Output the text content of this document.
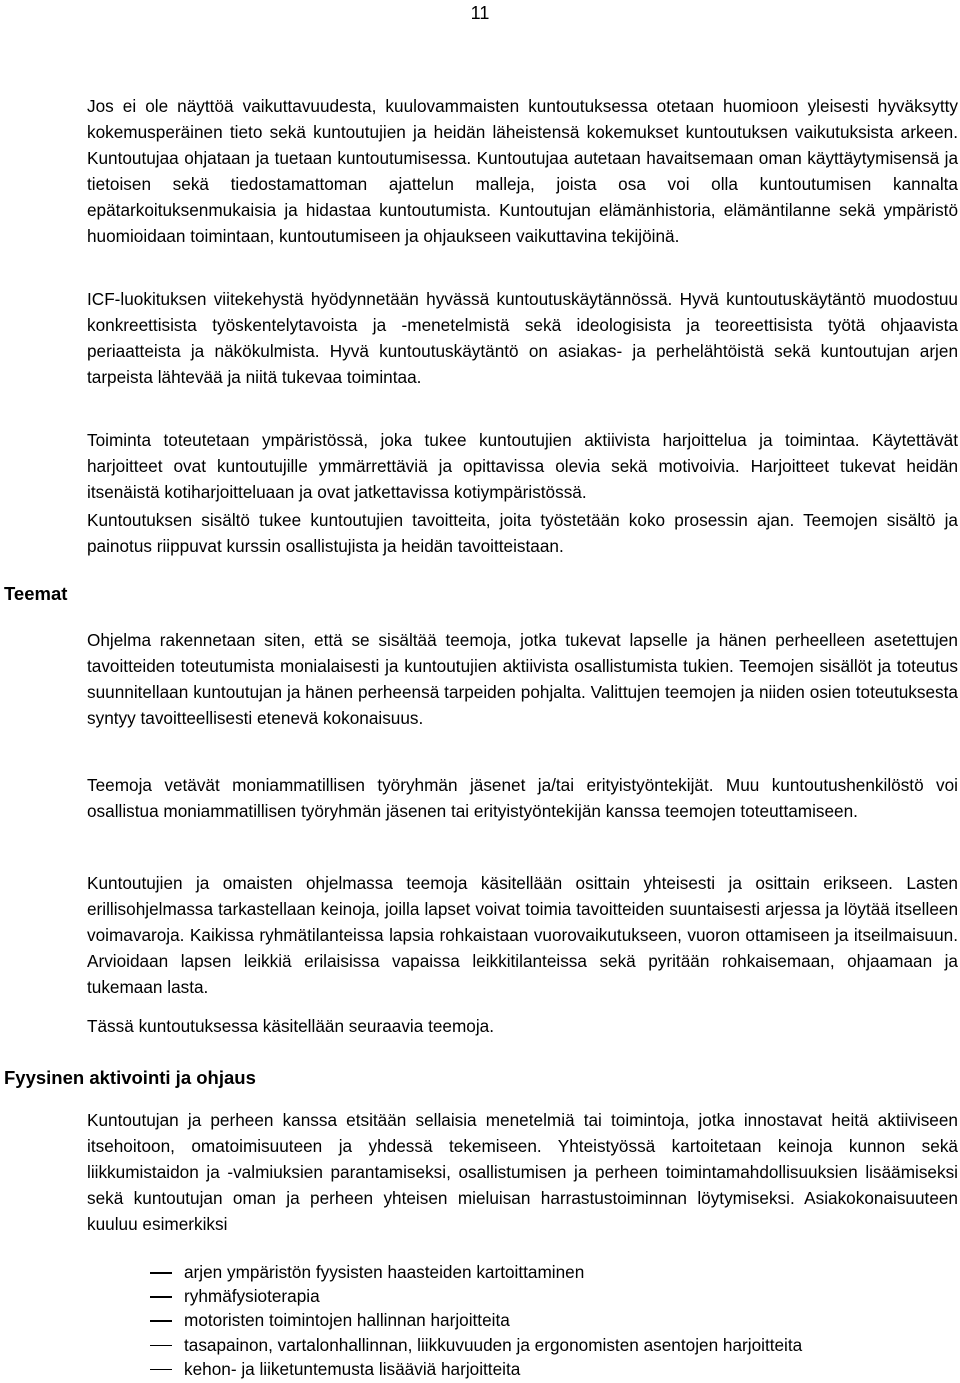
11

Jos ei ole näyttöä vaikuttavuudesta, kuulovammaisten kuntoutuksessa otetaan huomioon yleisesti hyväksytty kokemusperäinen tieto sekä kuntoutujien ja heidän läheistensä kokemukset kuntoutuksen vaikutuksista arkeen. Kuntoutujaa ohjataan ja tuetaan kuntoutumisessa. Kuntoutujaa autetaan havaitsemaan oman käyttäytymisensä ja tietoisen sekä tiedostamattoman ajattelun malleja, joista osa voi olla kuntoutumisen kannalta epätarkoituksenmukaisia ja hidastaa kuntoutumista. Kuntoutujan elämänhistoria, elämäntilanne sekä ympäristö huomioidaan toimintaan, kuntoutumiseen ja ohjaukseen vaikuttavina tekijöinä.

ICF-luokituksen viitekehystä hyödynnetään hyvässä kuntoutuskäytännössä. Hyvä kuntoutuskäytäntö muodostuu konkreettisista työskentelytavoista ja -menetelmistä sekä ideologisista ja teoreettisista työtä ohjaavista periaatteista ja näkökulmista. Hyvä kuntoutuskäytäntö on asiakas- ja perhelähtöistä sekä kuntoutujan arjen tarpeista lähtevää ja niitä tukevaa toimintaa.

Toiminta toteutetaan ympäristössä, joka tukee kuntoutujien aktiivista harjoittelua ja toimintaa. Käytettävät harjoitteet ovat kuntoutujille ymmärrettäviä ja opittavissa olevia sekä motivoivia. Harjoitteet tukevat heidän itsenäistä kotiharjoitteluaan ja ovat jatkettavissa kotiympäristössä.

Kuntoutuksen sisältö tukee kuntoutujien tavoitteita, joita työstetään koko prosessin ajan. Teemojen sisältö ja painotus riippuvat kurssin osallistujista ja heidän tavoitteistaan.

Teemat

Ohjelma rakennetaan siten, että se sisältää teemoja, jotka tukevat lapselle ja hänen perheelleen asetettujen tavoitteiden toteutumista monialaisesti ja kuntoutujien aktiivista osallistumista tukien. Teemojen sisällöt ja toteutus suunnitellaan kuntoutujan ja hänen perheensä tarpeiden pohjalta. Valittujen teemojen ja niiden osien toteutuksesta syntyy tavoitteellisesti etenevä kokonaisuus.

Teemoja vetävät moniammatillisen työryhmän jäsenet ja/tai erityistyöntekijät. Muu kuntoutushenkilöstö voi osallistua moniammatillisen työryhmän jäsenen tai erityistyöntekijän kanssa teemojen toteuttamiseen.

Kuntoutujien ja omaisten ohjelmassa teemoja käsitellään osittain yhteisesti ja osittain erikseen. Lasten erillisohjelmassa tarkastellaan keinoja, joilla lapset voivat toimia tavoitteiden suuntaisesti arjessa ja löytää itselleen voimavaroja. Kaikissa ryhmätilanteissa lapsia rohkaistaan vuorovaikutukseen, vuoron ottamiseen ja itseilmaisuun. Arvioidaan lapsen leikkiä erilaisissa vapaissa leikkitilanteissa sekä pyritään rohkaisemaan, ohjaamaan ja tukemaan lasta.

Tässä kuntoutuksessa käsitellään seuraavia teemoja.

Fyysinen aktivointi ja ohjaus

Kuntoutujan ja perheen kanssa etsitään sellaisia menetelmiä tai toimintoja, jotka innostavat heitä aktiiviseen itsehoitoon, omatoimisuuteen ja yhdessä tekemiseen. Yhteistyössä kartoitetaan keinoja kunnon sekä liikkumistaidon ja -valmiuksien parantamiseksi, osallistumisen ja perheen toimintamahdollisuuksien lisäämiseksi sekä kuntoutujan oman ja perheen yhteisen mieluisan harrastustoiminnan löytymiseksi. Asiakokonaisuuteen kuuluu esimerkiksi

arjen ympäristön fyysisten haasteiden kartoittaminen
ryhmäfysioterapia
motoristen toimintojen hallinnan harjoitteita
tasapainon, vartalonhallinnan, liikkuvuuden ja ergonomisten asentojen harjoitteita
kehon- ja liiketuntemusta lisääviä harjoitteita
